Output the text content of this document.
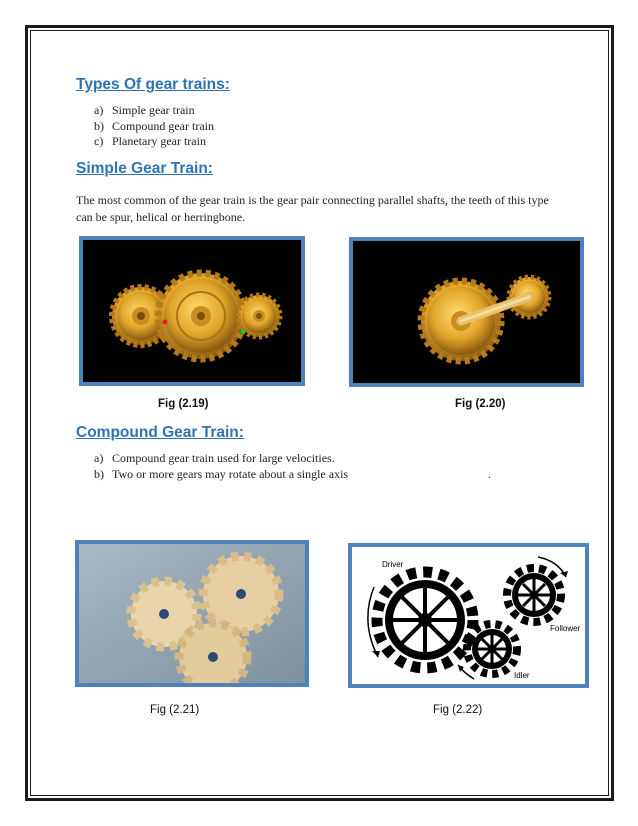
Types Of gear trains:
a) Simple gear train
b) Compound gear train
c) Planetary gear train
Simple Gear Train:
The most common of the gear train is the gear pair connecting parallel shafts, the teeth of this type can be spur, helical or herringbone.
Fig (2.19)	Fig (2.20)
Compound Gear Train:
a) Compound gear train used for large velocities.
b) Two or more gears may rotate about a single axis	.
Driver
Follower
Idler
Fig (2.21)	Fig (2.22)
